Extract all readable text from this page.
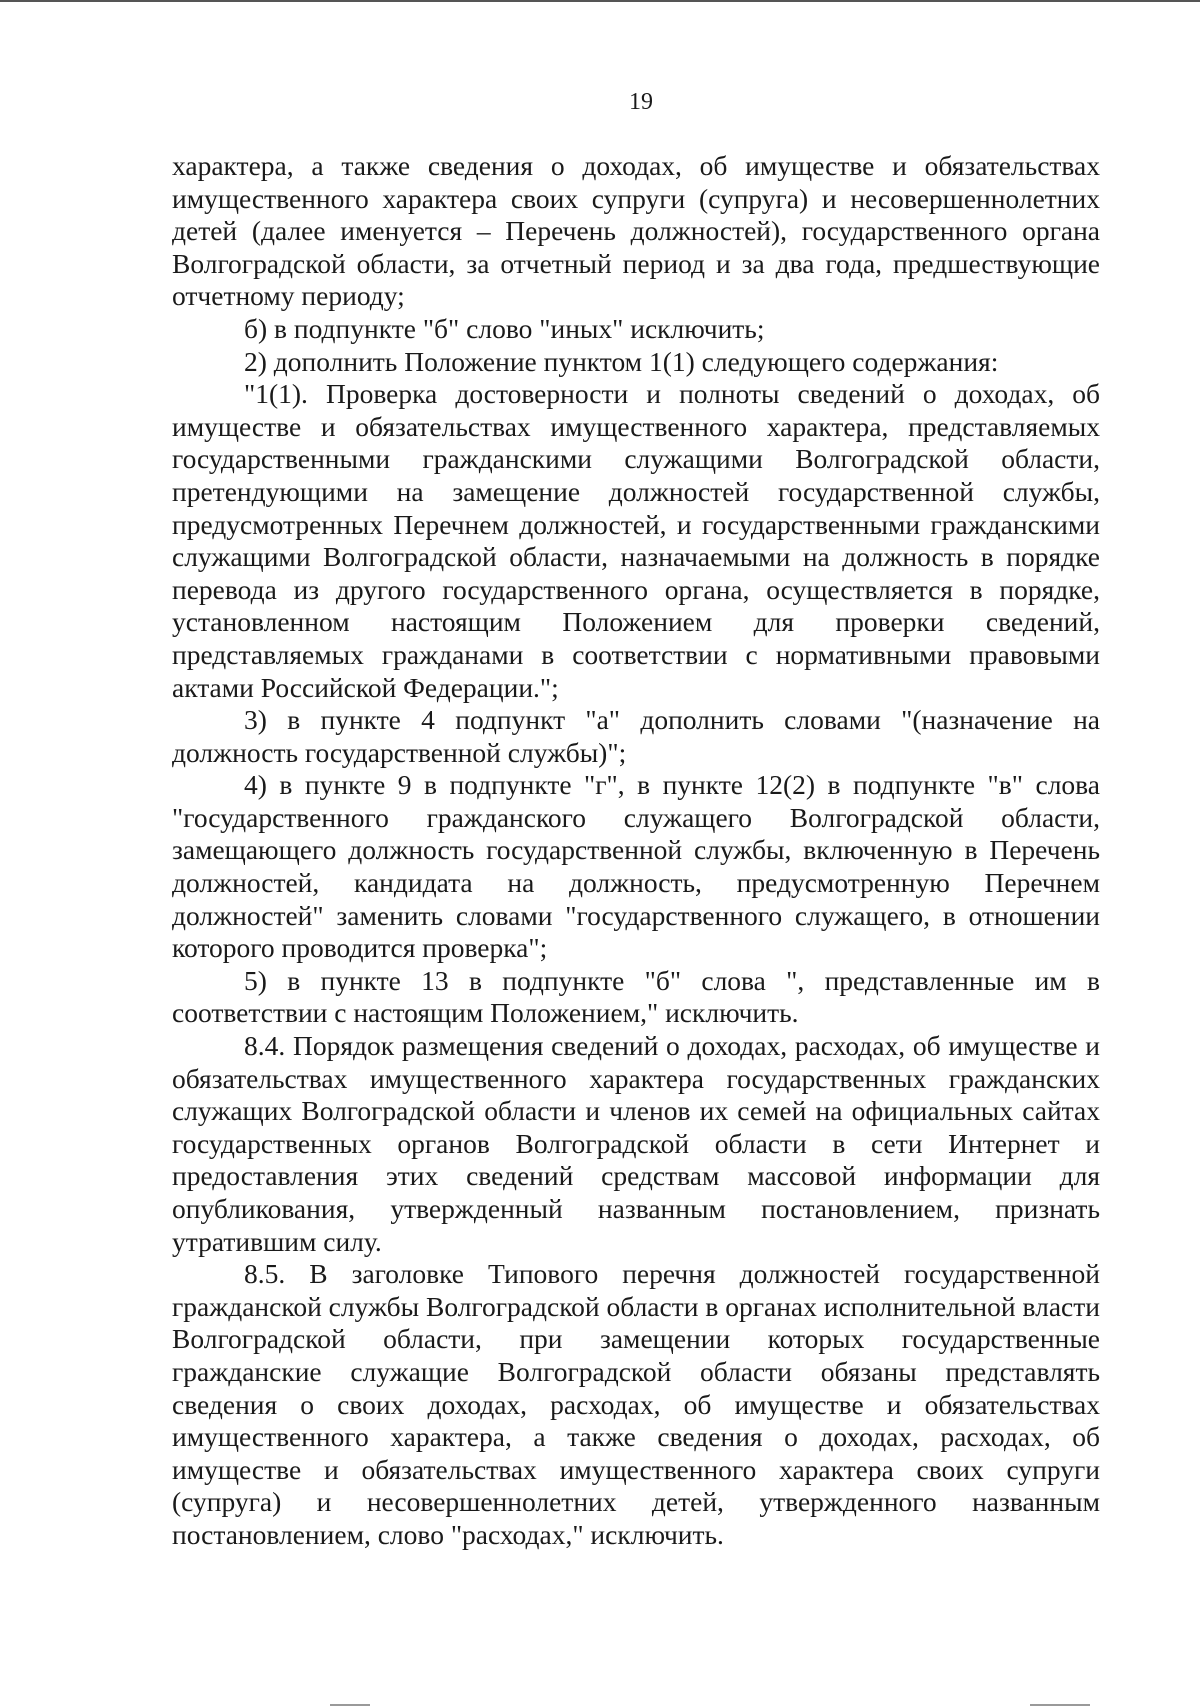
19

характера, а также сведения о доходах, об имуществе и обязательствах имущественного характера своих супруги (супруга) и несовершеннолетних детей (далее именуется – Перечень должностей), государственного органа Волгоградской области, за отчетный период и за два года, предшествующие отчетному периоду;

б) в подпункте "б" слово "иных" исключить;

2) дополнить Положение пунктом 1(1) следующего содержания:

"1(1). Проверка достоверности и полноты сведений о доходах, об имуществе и обязательствах имущественного характера, представляемых государственными гражданскими служащими Волгоградской области, претендующими на замещение должностей государственной службы, предусмотренных Перечнем должностей, и государственными гражданскими служащими Волгоградской области, назначаемыми на должность в порядке перевода из другого государственного органа, осуществляется в порядке, установленном настоящим Положением для проверки сведений, представляемых гражданами в соответствии с нормативными правовыми актами Российской Федерации.";

3) в пункте 4 подпункт "а" дополнить словами "(назначение на должность государственной службы)";

4) в пункте 9 в подпункте "г", в пункте 12(2) в подпункте "в" слова "государственного гражданского служащего Волгоградской области, замещающего должность государственной службы, включенную в Перечень должностей, кандидата на должность, предусмотренную Перечнем должностей" заменить словами "государственного служащего, в отношении которого проводится проверка";

5) в пункте 13 в подпункте "б" слова ", представленные им в соответствии с настоящим Положением," исключить.

8.4. Порядок размещения сведений о доходах, расходах, об имуществе и обязательствах имущественного характера государственных гражданских служащих Волгоградской области и членов их семей на официальных сайтах государственных органов Волгоградской области в сети Интернет и предоставления этих сведений средствам массовой информации для опубликования, утвержденный названным постановлением, признать утратившим силу.

8.5. В заголовке Типового перечня должностей государственной гражданской службы Волгоградской области в органах исполнительной власти Волгоградской области, при замещении которых государственные гражданские служащие Волгоградской области обязаны представлять сведения о своих доходах, расходах, об имуществе и обязательствах имущественного характера, а также сведения о доходах, расходах, об имуществе и обязательствах имущественного характера своих супруги (супруга) и несовершеннолетних детей, утвержденного названным постановлением, слово "расходах," исключить.
